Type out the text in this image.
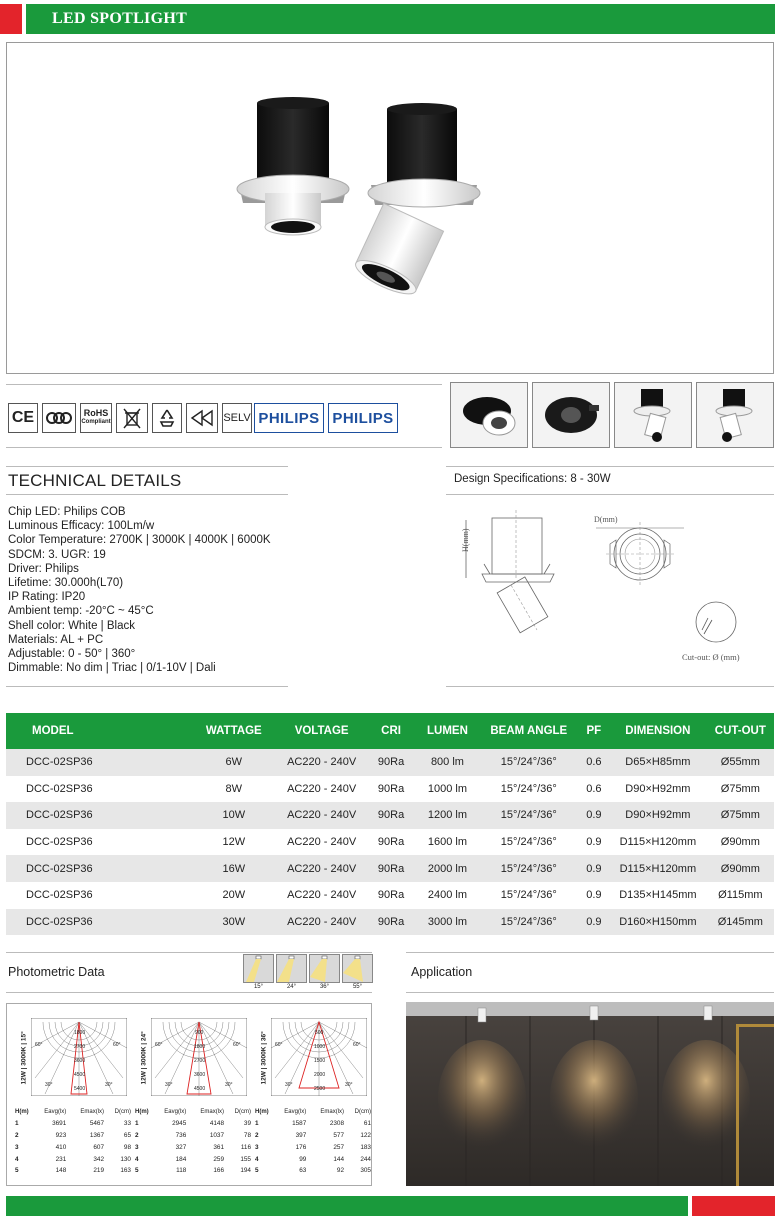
LED SPOTLIGHT
CE	RoHS
Compliant	SELV PHILIPS PHILIPS
TECHNICAL DETAILS
Chip LED: Philips COB
Luminous Efficacy: 100Lm/w
Color Temperature: 2700K | 3000K | 4000K | 6000K
SDCM: 3. UGR: 19
Driver: Philips
Lifetime: 30.000h(L70)
IP Rating: IP20
Ambient temp: -20°C ~ 45°C
Shell color: White | Black
Materials: AL + PC
Adjustable: 0 - 50° | 360°
Dimmable: No dim | Triac | 0/1-10V | Dali
Design Specifications: 8 - 30W
H(mm)
D(mm)
Cut-out: Ø (mm)
MODEL	WATTAGE	VOLTAGE	CRI	LUMEN	BEAM ANGLE	PF	DIMENSION	CUT-OUT
DCC-02SP36	6W	AC220 - 240V	90Ra	800 lm	15°/24°/36°	0.6	D65×H85mm	Ø55mm
DCC-02SP36	8W	AC220 - 240V	90Ra	1000 lm	15°/24°/36°	0.6	D90×H92mm	Ø75mm
DCC-02SP36	10W	AC220 - 240V	90Ra	1200 lm	15°/24°/36°	0.9	D90×H92mm	Ø75mm
DCC-02SP36	12W	AC220 - 240V	90Ra	1600 lm	15°/24°/36°	0.9	D115×H120mm	Ø90mm
DCC-02SP36	16W	AC220 - 240V	90Ra	2000 lm	15°/24°/36°	0.9	D115×H120mm	Ø90mm
DCC-02SP36	20W	AC220 - 240V	90Ra	2400 lm	15°/24°/36°	0.9	D135×H145mm	Ø115mm
DCC-02SP36	30W	AC220 - 240V	90Ra	3000 lm	15°/24°/36°	0.9	D160×H150mm	Ø145mm
Photometric Data
15°	24°	36°	55°
12W | 3000K | 15°	1800
2700
3600
4500
5400
60°	60°
30°	30°
H(m)	Eavg(lx)	Emax(lx)	D(cm)
1	3691	5467	33
2	923	1367	65
3	410	607	98
4	231	342	130
5	148	219	163
12W | 3000K | 24°	900
1800
2700
3600
4500
60°	60°
30°	30°
H(m)	Eavg(lx)	Emax(lx)	D(cm)
1	2945	4148	39
2	736	1037	78
3	327	361	116
4	184	259	155
5	118	166	194
12W | 3000K | 36°	500
1000
1500
2000
2500
60°	60°
30°	30°
H(m)	Eavg(lx)	Emax(lx)	D(cm)
1	1587	2308	61
2	397	577	122
3	176	257	183
4	99	144	244
5	63	92	305
Application
